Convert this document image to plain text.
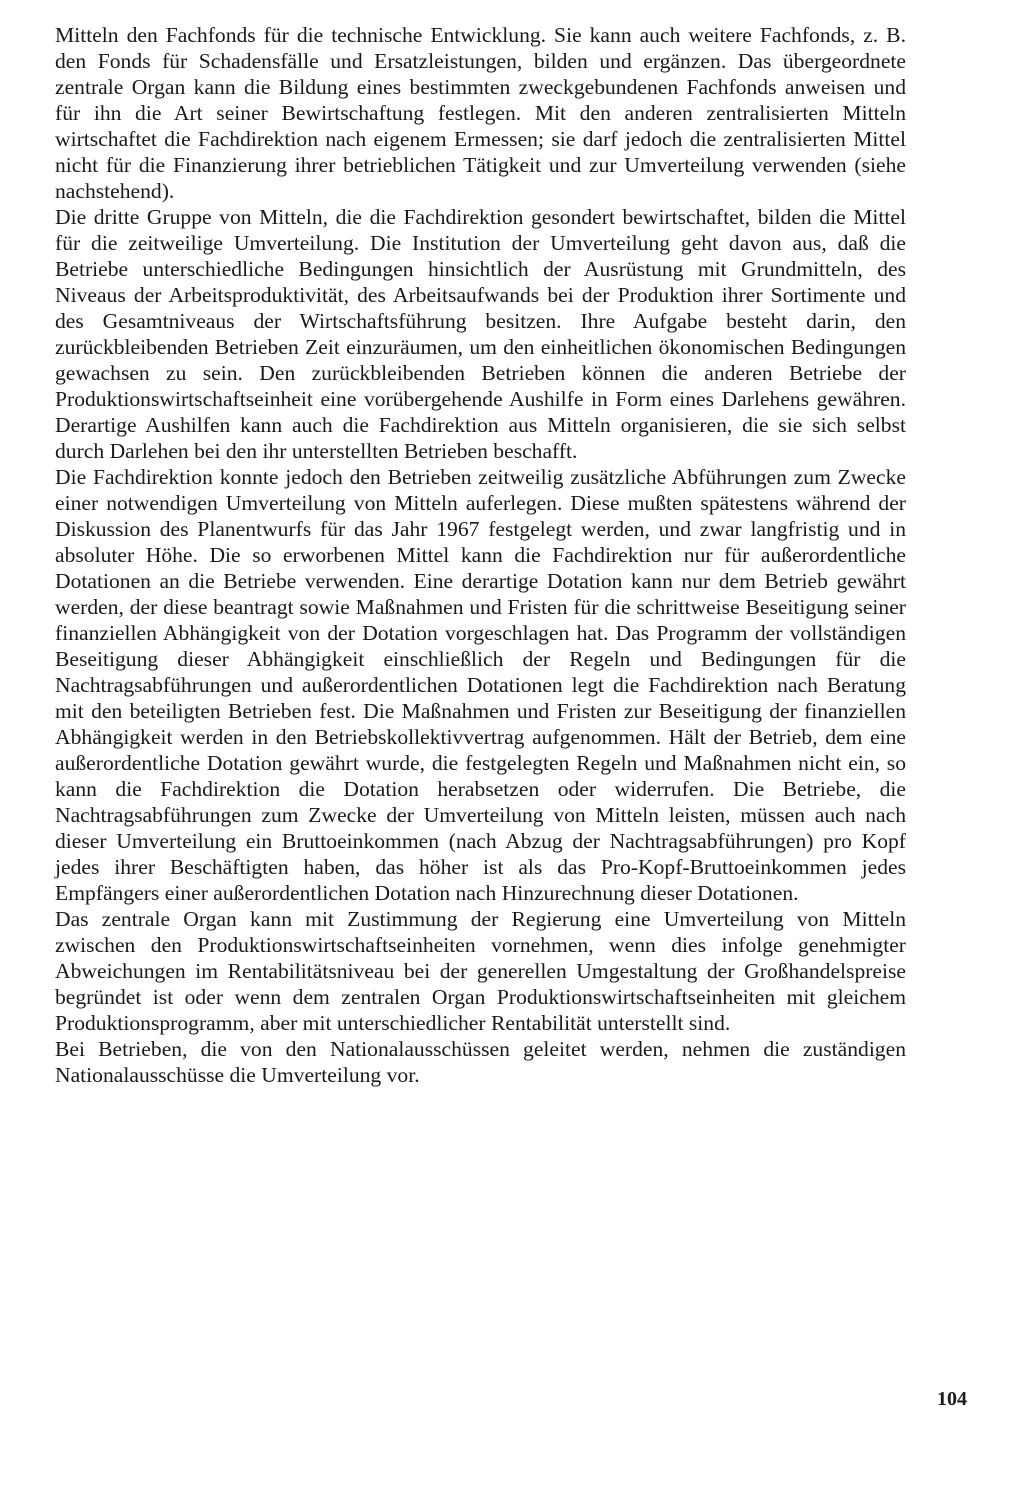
Mitteln den Fachfonds für die technische Entwicklung. Sie kann auch weitere Fachfonds, z. B. den Fonds für Schadensfälle und Ersatzleistungen, bilden und ergänzen. Das übergeordnete zentrale Organ kann die Bildung eines bestimmten zweckgebundenen Fachfonds anweisen und für ihn die Art seiner Bewirtschaftung festlegen. Mit den anderen zentralisierten Mitteln wirtschaftet die Fachdirektion nach eigenem Ermessen; sie darf jedoch die zentralisierten Mittel nicht für die Finanzierung ihrer betrieblichen Tätigkeit und zur Umverteilung verwenden (siehe nachstehend).

Die dritte Gruppe von Mitteln, die die Fachdirektion gesondert bewirtschaftet, bilden die Mittel für die zeitweilige Umverteilung. Die Institution der Umverteilung geht davon aus, daß die Betriebe unterschiedliche Bedingungen hinsichtlich der Ausrüstung mit Grundmitteln, des Niveaus der Arbeitsproduktivität, des Arbeitsaufwands bei der Produktion ihrer Sortimente und des Gesamtniveaus der Wirtschaftsführung besitzen. Ihre Aufgabe besteht darin, den zurückbleibenden Betrieben Zeit einzuräumen, um den einheitlichen ökonomischen Bedingungen gewachsen zu sein. Den zurückbleibenden Betrieben können die anderen Betriebe der Produktionswirtschaftseinheit eine vorübergehende Aushilfe in Form eines Darlehens gewähren. Derartige Aushilfen kann auch die Fachdirektion aus Mitteln organisieren, die sie sich selbst durch Darlehen bei den ihr unterstellten Betrieben beschafft.

Die Fachdirektion konnte jedoch den Betrieben zeitweilig zusätzliche Abführungen zum Zwecke einer notwendigen Umverteilung von Mitteln auferlegen. Diese mußten spätestens während der Diskussion des Planentwurfs für das Jahr 1967 festgelegt werden, und zwar langfristig und in absoluter Höhe. Die so erworbenen Mittel kann die Fachdirektion nur für außerordentliche Dotationen an die Betriebe verwenden. Eine derartige Dotation kann nur dem Betrieb gewährt werden, der diese beantragt sowie Maßnahmen und Fristen für die schrittweise Beseitigung seiner finanziellen Abhängigkeit von der Dotation vorgeschlagen hat. Das Programm der vollständigen Beseitigung dieser Abhängigkeit einschließlich der Regeln und Bedingungen für die Nachtragsabführungen und außerordentlichen Dotationen legt die Fachdirektion nach Beratung mit den beteiligten Betrieben fest. Die Maßnahmen und Fristen zur Beseitigung der finanziellen Abhängigkeit werden in den Betriebskollektivvertrag aufgenommen. Hält der Betrieb, dem eine außerordentliche Dotation gewährt wurde, die festgelegten Regeln und Maßnahmen nicht ein, so kann die Fachdirektion die Dotation herabsetzen oder widerrufen. Die Betriebe, die Nachtragsabführungen zum Zwecke der Umverteilung von Mitteln leisten, müssen auch nach dieser Umverteilung ein Bruttoeinkommen (nach Abzug der Nachtragsabführungen) pro Kopf jedes ihrer Beschäftigten haben, das höher ist als das Pro-Kopf-Bruttoeinkommen jedes Empfängers einer außerordentlichen Dotation nach Hinzurechnung dieser Dotationen.

Das zentrale Organ kann mit Zustimmung der Regierung eine Umverteilung von Mitteln zwischen den Produktionswirtschaftseinheiten vornehmen, wenn dies infolge genehmigter Abweichungen im Rentabilitätsniveau bei der generellen Umgestaltung der Großhandelspreise begründet ist oder wenn dem zentralen Organ Produktionswirtschaftseinheiten mit gleichem Produktionsprogramm, aber mit unterschiedlicher Rentabilität unterstellt sind.

Bei Betrieben, die von den Nationalausschüssen geleitet werden, nehmen die zuständigen Nationalausschüsse die Umverteilung vor.

104
